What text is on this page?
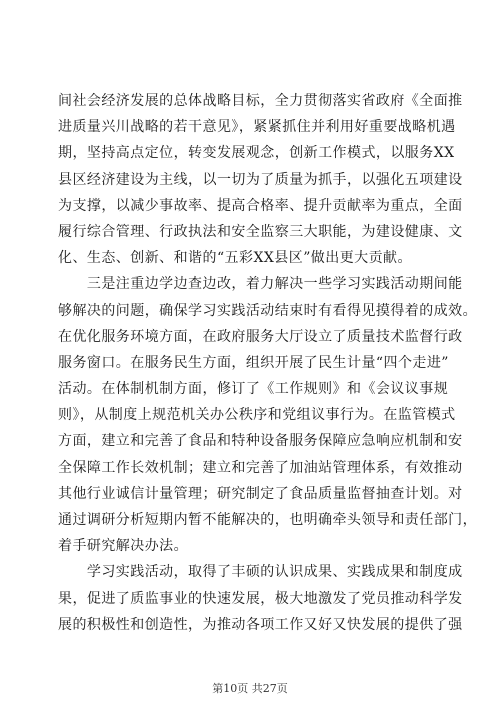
间社会经济发展的总体战略目标，全力贯彻落实省政府《全面推
进质量兴川战略的若干意见》，紧紧抓住并利用好重要战略机遇
期，坚持高点定位，转变发展观念，创新工作模式，以服务XX
县区经济建设为主线，以一切为了质量为抓手，以强化五项建设
为支撑，以减少事故率、提高合格率、提升贡献率为重点，全面
履行综合管理、行政执法和安全监察三大职能，为建设健康、文
化、生态、创新、和谐的“五彩XX县区”做出更大贡献。
　　三是注重边学边查边改，着力解决一些学习实践活动期间能
够解决的问题，确保学习实践活动结束时有看得见摸得着的成效。
在优化服务环境方面，在政府服务大厅设立了质量技术监督行政
服务窗口。在服务民生方面，组织开展了民生计量“四个走进”
活动。在体制机制方面，修订了《工作规则》和《会议议事规
则》，从制度上规范机关办公秩序和党组议事行为。在监管模式
方面，建立和完善了食品和特种设备服务保障应急响应机制和安
全保障工作长效机制；建立和完善了加油站管理体系，有效推动
其他行业诚信计量管理；研究制定了食品质量监督抽查计划。对
通过调研分析短期内暂不能解决的，也明确牵头领导和责任部门，
着手研究解决办法。
　　学习实践活动，取得了丰硕的认识成果、实践成果和制度成
果，促进了质监事业的快速发展，极大地激发了党员推动科学发
展的积极性和创造性，为推动各项工作又好又快发展的提供了强
第10页 共27页
